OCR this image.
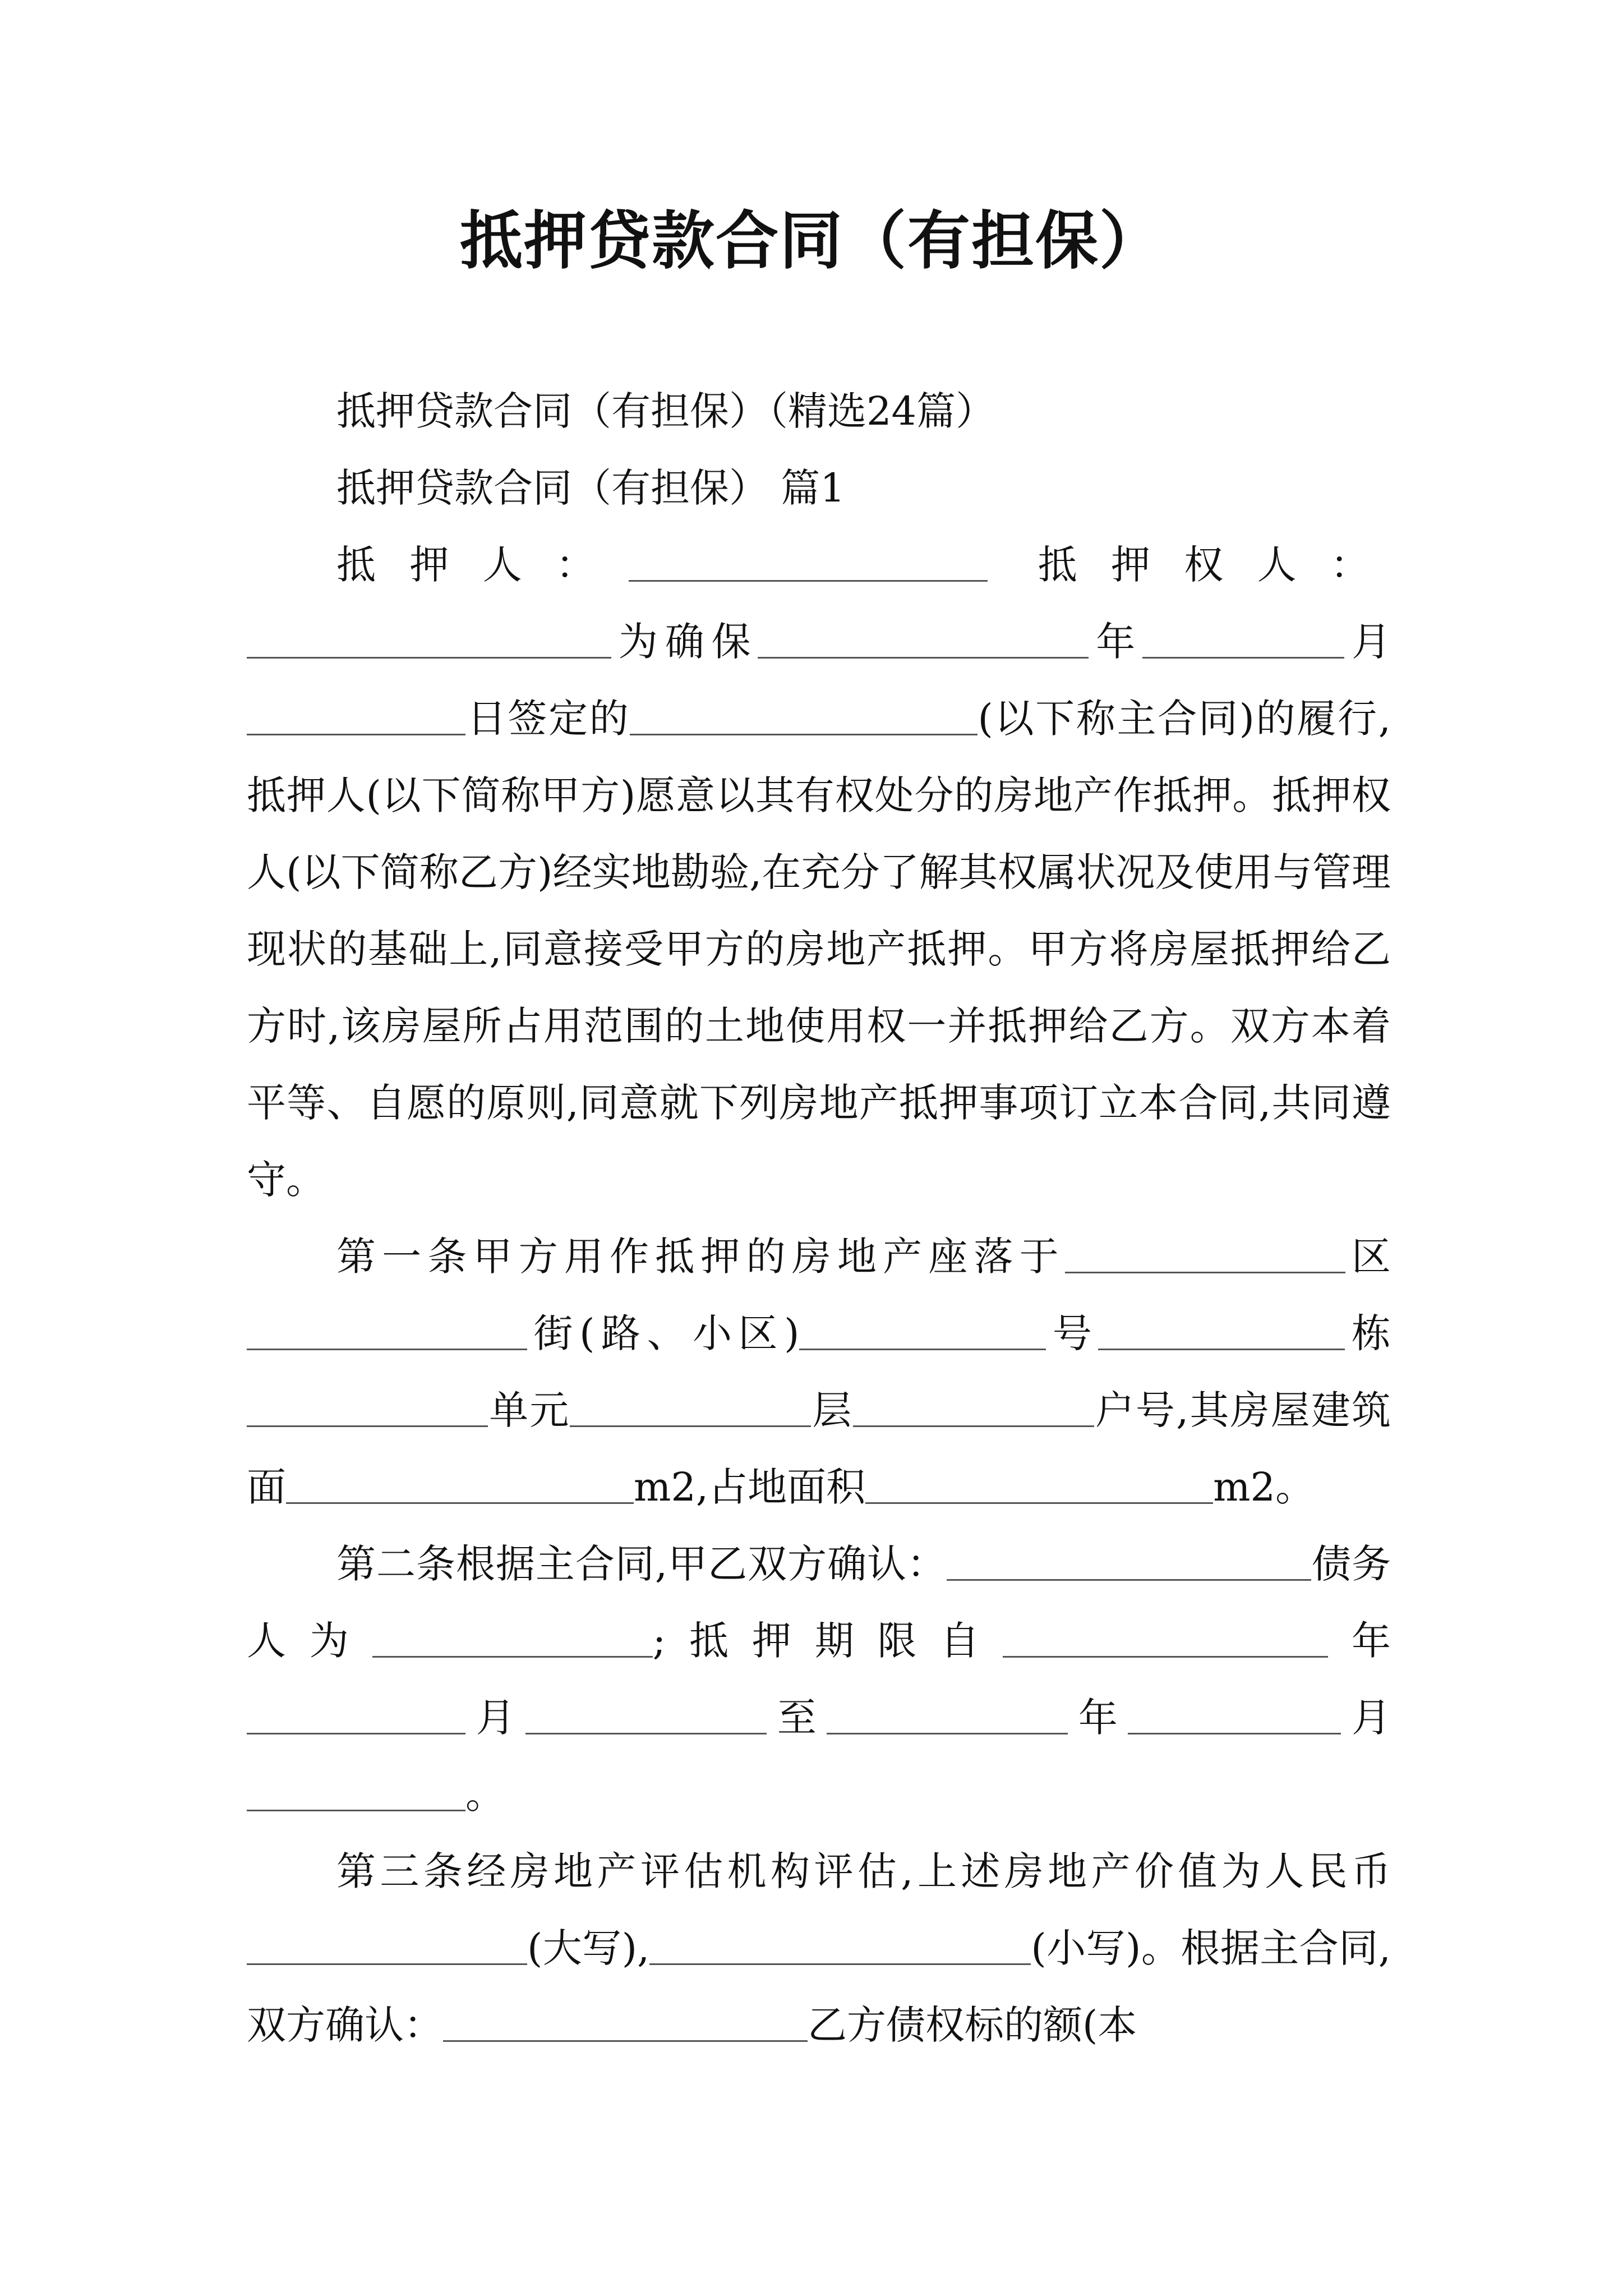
抵押贷款合同（有担保）

抵押贷款合同（有担保）（精选24篇）

抵押贷款合同（有担保） 篇1

抵押人：	抵押权人：为确保	年	月日签定的	(以下称主合同)的履行,抵押人(以下简称甲方)愿意以其有权处分的房地产作抵押。抵押权人(以下简称乙方)经实地勘验,在充分了解其权属状况及使用与管理现状的基础上,同意接受甲方的房地产抵押。甲方将房屋抵押给乙方时,该房屋所占用范围的土地使用权一并抵押给乙方。双方本着平等、自愿的原则,同意就下列房地产抵押事项订立本合同,共同遵守。

第一条甲方用作抵押的房地产座落于	区街(路、小区)	号	栋单元	层	户号,其房屋建筑面	m2,占地面积	m2。

第二条根据主合同,甲乙双方确认：	债务人为	;抵押期限自	年月	至	年	月。

第三条经房地产评估机构评估,上述房地产价值为人民币(大写),	(小写)。根据主合同,双方确认：	乙方债权标的额(本
